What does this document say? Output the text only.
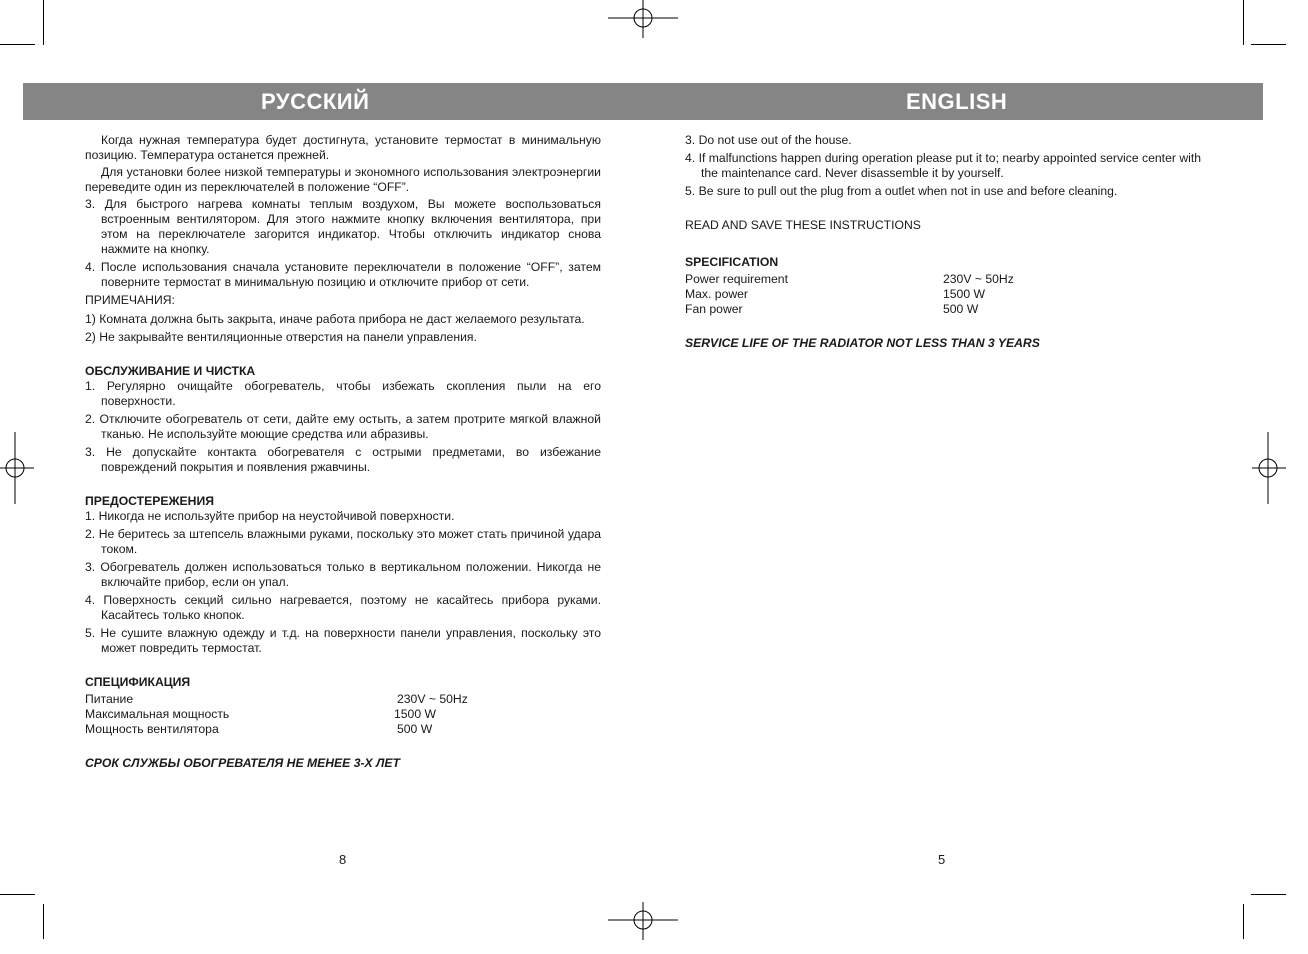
РУССКИЙ	ENGLISH

Когда нужная температура будет достигнута, установите термостат в минимальную позицию. Температура останется прежней.

Для установки более низкой температуры и экономного использования электроэнергии переведите один из переключателей в положение “OFF”.

3. Для быстрого нагрева комнаты теплым воздухом, Вы можете воспользоваться встроенным вентилятором. Для этого нажмите кнопку включения вентилятора, при этом на переключателе загорится индикатор. Чтобы отключить индикатор снова нажмите на кнопку.
4. После использования сначала установите переключатели в положение “OFF”, затем поверните термостат в минимальную позицию и отключите прибор от сети.

ПРИМЕЧАНИЯ:

1) Комната должна быть закрыта, иначе работа прибора не даст желаемого результата.
2) Не закрывайте вентиляционные отверстия на панели управления.

ОБСЛУЖИВАНИЕ И ЧИСТКА

1. Регулярно очищайте обогреватель, чтобы избежать скопления пыли на его поверхности.
2. Отключите обогреватель от сети, дайте ему остыть, а затем протрите мягкой влажной тканью. Не используйте моющие средства или абразивы.
3. Не допускайте контакта обогревателя с острыми предметами, во избежание повреждений покрытия и появления ржавчины.

ПРЕДОСТЕРЕЖЕНИЯ

1. Никогда не используйте прибор на неустойчивой поверхности.
2. Не беритесь за штепсель влажными руками, поскольку это может стать причиной удара током.
3. Обогреватель должен использоваться только в вертикальном положении. Никогда не включайте прибор, если он упал.
4. Поверхность секций сильно нагревается, поэтому не касайтесь прибора руками. Касайтесь только кнопок.
5. Не сушите влажную одежду и т.д. на поверхности панели управления, поскольку это может повредить термостат.

СПЕЦИФИКАЦИЯ

Питание	230V ~ 50Hz
Максимальная мощность	1500 W
Мощность вентилятора	500 W

СРОК СЛУЖБЫ ОБОГРЕВАТЕЛЯ НЕ МЕНЕЕ 3-Х ЛЕТ

3. Do not use out of the house.
4. If malfunctions happen during operation please put it to; nearby appointed service center with the maintenance card. Never disassemble it by yourself.
5. Be sure to pull out the plug from a outlet when not in use and before cleaning.

READ AND SAVE THESE INSTRUCTIONS

SPECIFICATION

Power requirement	230V ~ 50Hz
Max. power	1500 W
Fan power	500 W

SERVICE LIFE OF THE RADIATOR NOT LESS THAN 3 YEARS

8	5
